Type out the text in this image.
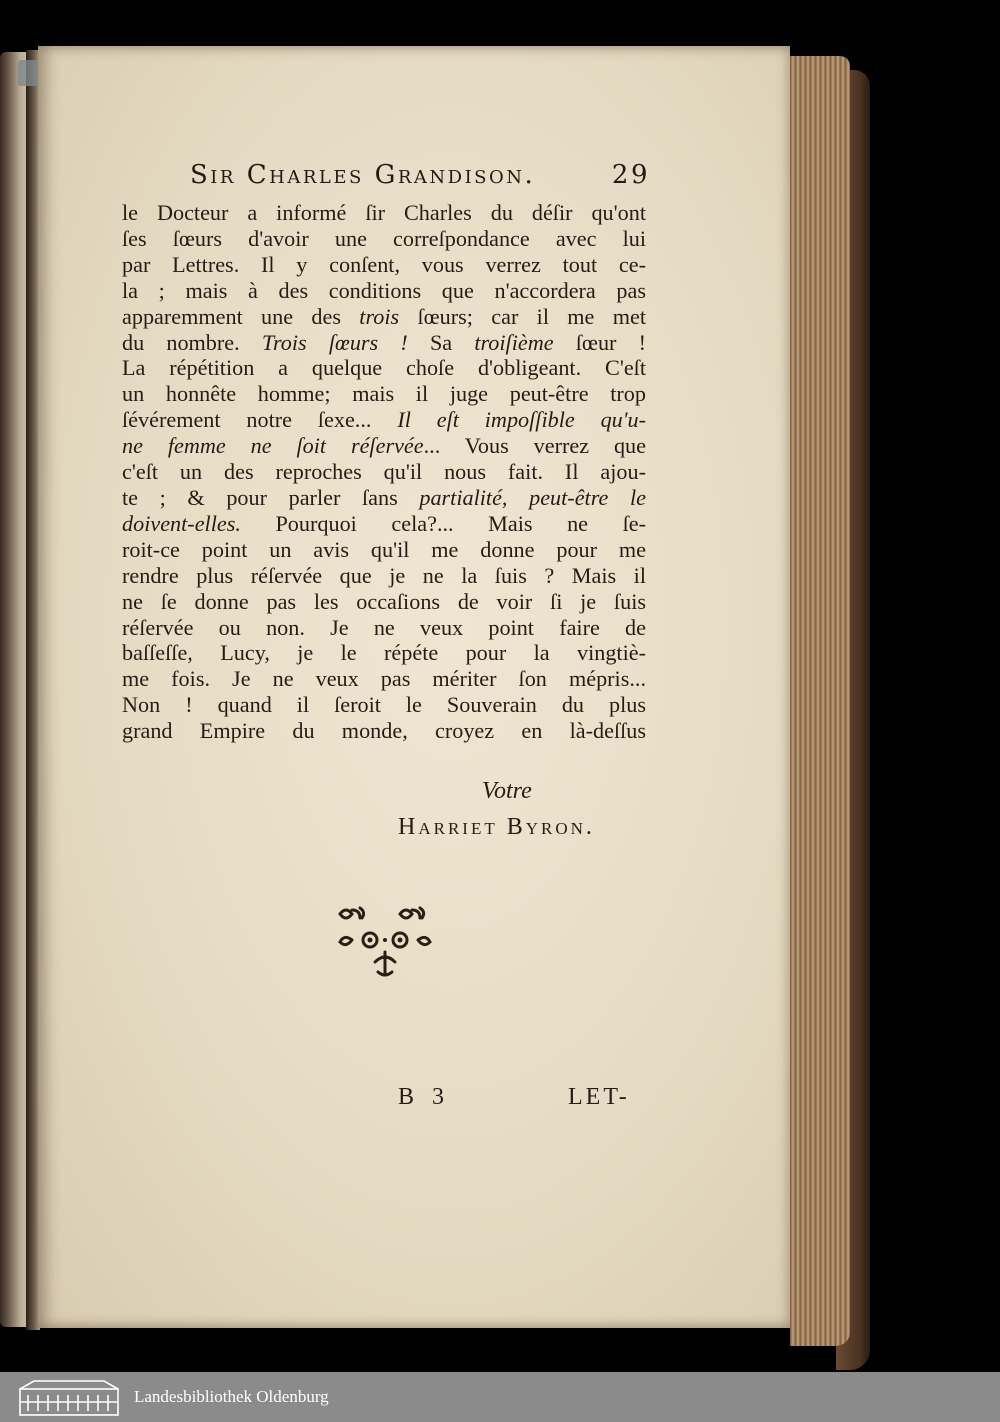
Sir Charles Grandison.	29
le Docteur a informé ſir Charles du déſir qu'ont
ſes ſœurs d'avoir une correſpondance avec lui
par Lettres. Il y conſent, vous verrez tout ce-
la ; mais à des conditions que n'accordera pas
apparemment une des trois ſœurs; car il me met
du nombre. Trois ſœurs ! Sa troiſième ſœur !
La répétition a quelque choſe d'obligeant. C'eſt
un honnête homme; mais il juge peut-être trop
ſévérement notre ſexe... Il eſt impoſſible qu'u-
ne femme ne ſoit réſervée... Vous verrez que
c'eſt un des reproches qu'il nous fait. Il ajou-
te ; & pour parler ſans partialité, peut-être le
doivent-elles. Pourquoi cela?... Mais ne ſe-
roit-ce point un avis qu'il me donne pour me
rendre plus réſervée que je ne la ſuis ? Mais il
ne ſe donne pas les occaſions de voir ſi je ſuis
réſervée ou non. Je ne veux point faire de
baſſeſſe, Lucy, je le répéte pour la vingtiè-
me fois. Je ne veux pas mériter ſon mépris...
Non ! quand il ſeroit le Souverain du plus
grand Empire du monde, croyez en là-deſſus
Votre
Harriet Byron.
B 3	LET-
Landesbibliothek Oldenburg
